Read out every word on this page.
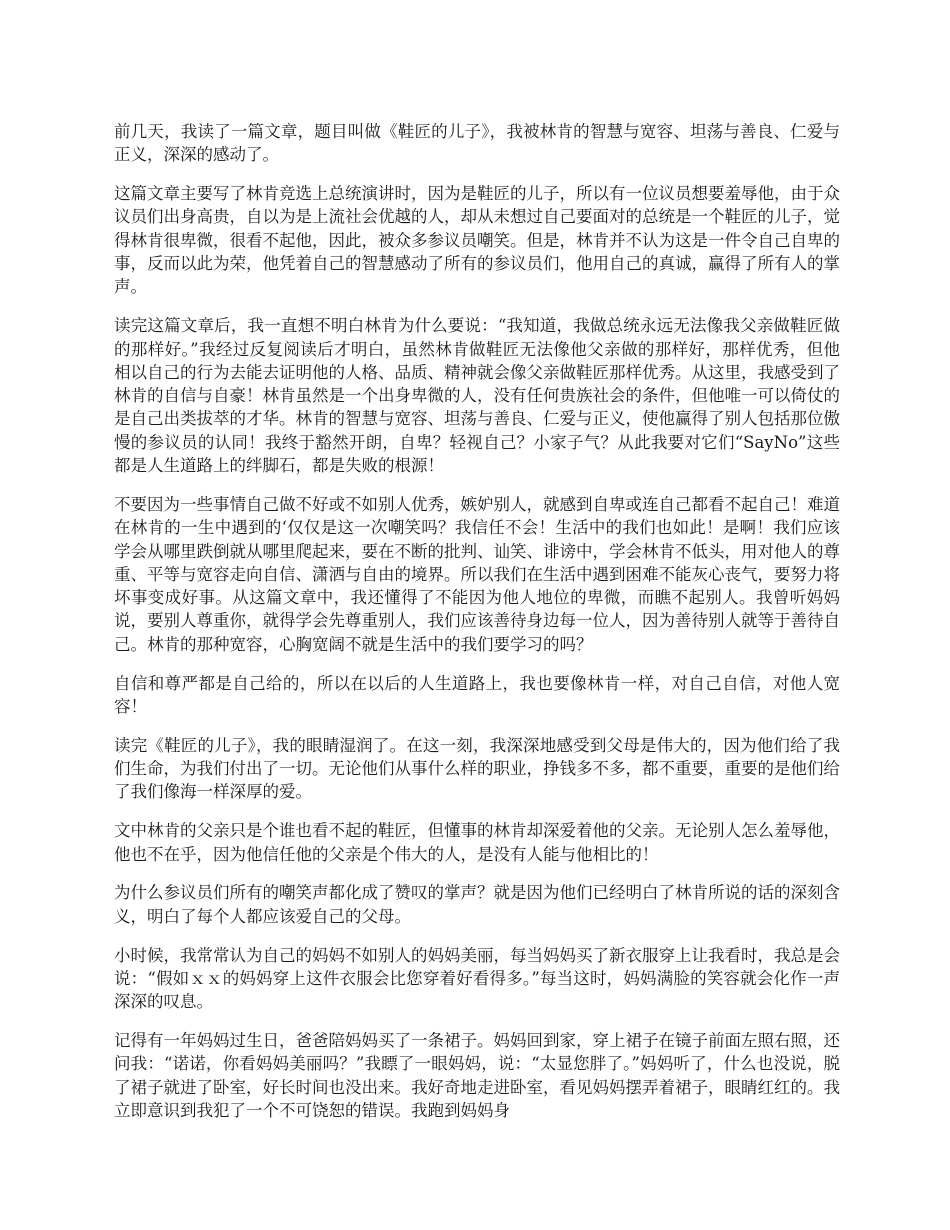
前几天，我读了一篇文章，题目叫做《鞋匠的儿子》，我被林肯的智慧与宽容、坦荡与善良、仁爱与正义，深深的感动了。

这篇文章主要写了林肯竞选上总统演讲时，因为是鞋匠的儿子，所以有一位议员想要羞辱他，由于众议员们出身高贵，自以为是上流社会优越的人，却从未想过自己要面对的总统是一个鞋匠的儿子，觉得林肯很卑微，很看不起他，因此，被众多参议员嘲笑。但是，林肯并不认为这是一件令自己自卑的事，反而以此为荣，他凭着自己的智慧感动了所有的参议员们，他用自己的真诚，赢得了所有人的掌声。

读完这篇文章后，我一直想不明白林肯为什么要说：“我知道，我做总统永远无法像我父亲做鞋匠做的那样好。”我经过反复阅读后才明白，虽然林肯做鞋匠无法像他父亲做的那样好，那样优秀，但他相以自己的行为去能去证明他的人格、品质、精神就会像父亲做鞋匠那样优秀。从这里，我感受到了林肯的自信与自豪！林肯虽然是一个出身卑微的人，没有任何贵族社会的条件，但他唯一可以倚仗的是自己出类拔萃的才华。林肯的智慧与宽容、坦荡与善良、仁爱与正义，使他赢得了别人包括那位傲慢的参议员的认同！我终于豁然开朗，自卑？轻视自己？小家子气？从此我要对它们“SayNo”这些都是人生道路上的绊脚石，都是失败的根源！

不要因为一些事情自己做不好或不如别人优秀，嫉妒别人，就感到自卑或连自己都看不起自己！难道在林肯的一生中遇到的‘仅仅是这一次嘲笑吗？我信任不会！生活中的我们也如此！是啊！我们应该学会从哪里跌倒就从哪里爬起来，要在不断的批判、讪笑、诽谤中，学会林肯不低头，用对他人的尊重、平等与宽容走向自信、潇洒与自由的境界。所以我们在生活中遇到困难不能灰心丧气，要努力将坏事变成好事。从这篇文章中，我还懂得了不能因为他人地位的卑微，而瞧不起别人。我曾听妈妈说，要别人尊重你，就得学会先尊重别人，我们应该善待身边每一位人，因为善待别人就等于善待自己。林肯的那种宽容，心胸宽阔不就是生活中的我们要学习的吗？

自信和尊严都是自己给的，所以在以后的人生道路上，我也要像林肯一样，对自己自信，对他人宽容！

读完《鞋匠的儿子》，我的眼睛湿润了。在这一刻，我深深地感受到父母是伟大的，因为他们给了我们生命，为我们付出了一切。无论他们从事什么样的职业，挣钱多不多，都不重要，重要的是他们给了我们像海一样深厚的爱。

文中林肯的父亲只是个谁也看不起的鞋匠，但懂事的林肯却深爱着他的父亲。无论别人怎么羞辱他，他也不在乎，因为他信任他的父亲是个伟大的人，是没有人能与他相比的！

为什么参议员们所有的嘲笑声都化成了赞叹的掌声？就是因为他们已经明白了林肯所说的话的深刻含义，明白了每个人都应该爱自己的父母。

小时候，我常常认为自己的妈妈不如别人的妈妈美丽，每当妈妈买了新衣服穿上让我看时，我总是会说：“假如ｘｘ的妈妈穿上这件衣服会比您穿着好看得多。”每当这时，妈妈满脸的笑容就会化作一声深深的叹息。

记得有一年妈妈过生日，爸爸陪妈妈买了一条裙子。妈妈回到家，穿上裙子在镜子前面左照右照，还问我：“诺诺，你看妈妈美丽吗？”我瞟了一眼妈妈，说：“太显您胖了。”妈妈听了，什么也没说，脱了裙子就进了卧室，好长时间也没出来。我好奇地走进卧室，看见妈妈摆弄着裙子，眼睛红红的。我立即意识到我犯了一个不可饶恕的错误。我跑到妈妈身
